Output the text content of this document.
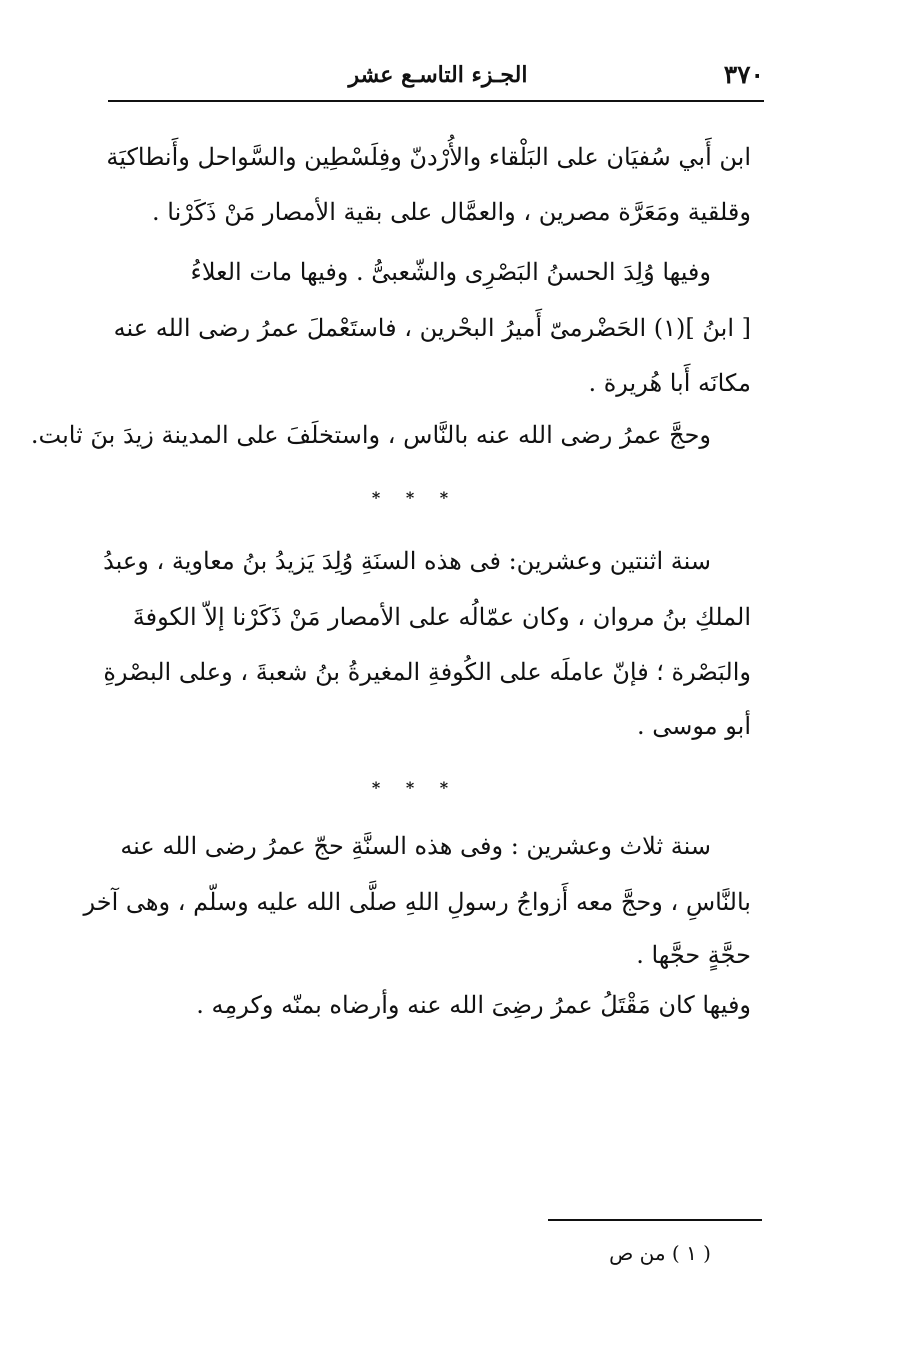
٣٧٠
الجـزء التاسـع عشر
ابن أَبي سُفيَان على البَلْقاء والأُرْدنّ وفِلَسْطِين والسَّواحل وأَنطاكيَة
وقلقية ومَعَرَّة مصرين ، والعمَّال على بقية الأمصار مَنْ ذَكَرْنا .
وفيها وُلِدَ الحسنُ البَصْرِى والشّعبىُّ . وفيها مات العلاءُ
[ ابنُ ](١) الحَضْرمىّ أَميرُ البحْرين ، فاستَعْملَ عمرُ رضى الله عنه
مكانَه أَبا هُريرة .
وحجَّ عمرُ رضى الله عنه بالنَّاس ، واستخلَفَ على المدينة زيدَ بنَ ثابت.
* * *
سنة اثنتين وعشرين: فى هذه السنَةِ وُلِدَ يَزيدُ بنُ معاوية ، وعبدُ
الملكِ بنُ مروان ، وكان عمّالُه على الأمصار مَنْ ذَكَرْنا إلاّ الكوفةَ
والبَصْرة ؛ فإنّ عاملَه على الكُوفةِ المغيرةُ بنُ شعبةَ ، وعلى البصْرةِ
أبو موسى .
* * *
سنة ثلاث وعشرين : وفى هذه السنَّةِ حجّ عمرُ رضى الله عنه
بالنَّاسِ ، وحجَّ معه أَزواجُ رسولِ اللهِ صلَّى الله عليه وسلّم ، وهى آخر
حجَّةٍ حجَّها .
وفيها كان مَقْتَلُ عمرُ رضِىَ الله عنه وأرضاه بمنّه وكرمِه .
( ١ ) من ص
